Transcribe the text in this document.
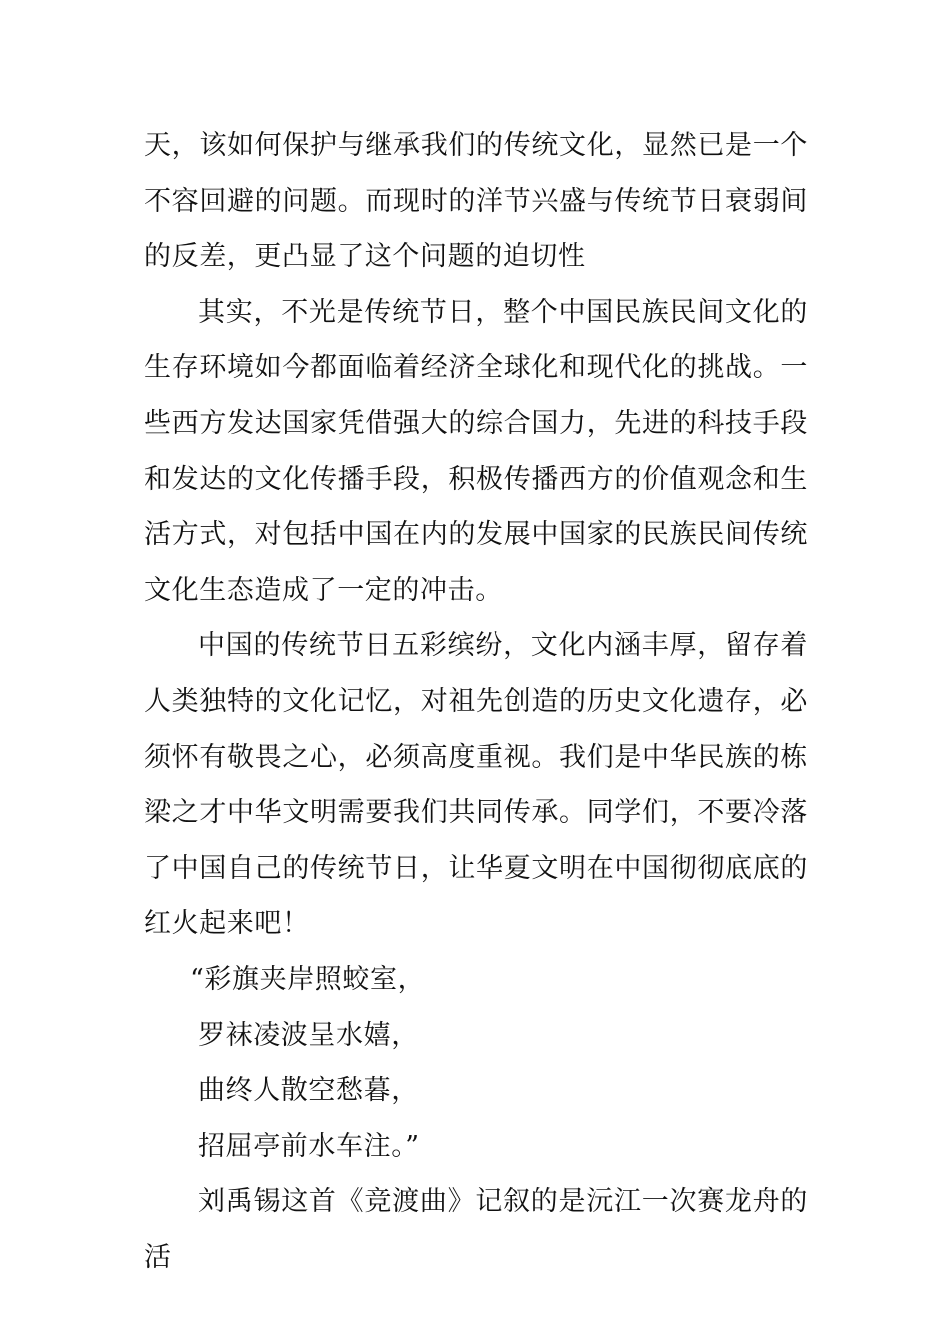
天，该如何保护与继承我们的传统文化，显然已是一个不容回避的问题。而现时的洋节兴盛与传统节日衰弱间的反差，更凸显了这个问题的迫切性

其实，不光是传统节日，整个中国民族民间文化的生存环境如今都面临着经济全球化和现代化的挑战。一些西方发达国家凭借强大的综合国力，先进的科技手段和发达的文化传播手段，积极传播西方的价值观念和生活方式，对包括中国在内的发展中国家的民族民间传统文化生态造成了一定的冲击。

中国的传统节日五彩缤纷，文化内涵丰厚，留存着人类独特的文化记忆，对祖先创造的历史文化遗存，必须怀有敬畏之心，必须高度重视。我们是中华民族的栋梁之才中华文明需要我们共同传承。同学们，不要冷落了中国自己的传统节日，让华夏文明在中国彻彻底底的红火起来吧！

“彩旗夹岸照蛟室，

罗袜凌波呈水嬉，

曲终人散空愁暮，

招屈亭前水车注。”

刘禹锡这首《竞渡曲》记叙的是沅江一次赛龙舟的活
